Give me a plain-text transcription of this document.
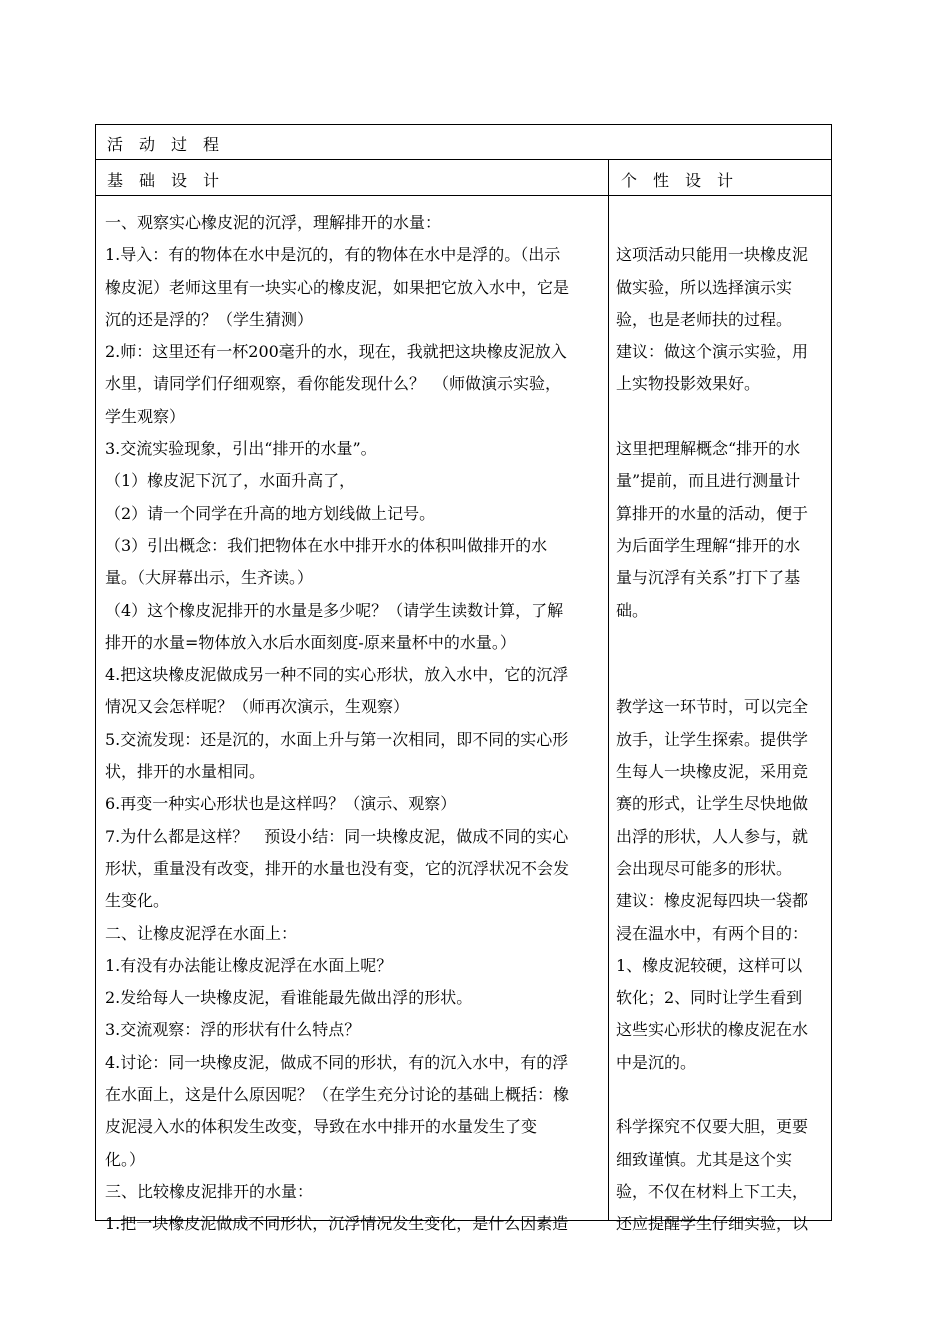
活　动　过　程
基　础　设　计	个　性　设　计
一、观察实心橡皮泥的沉浮，理解排开的水量：
1.导入：有的物体在水中是沉的，有的物体在水中是浮的。（出示
橡皮泥）老师这里有一块实心的橡皮泥，如果把它放入水中，它是
沉的还是浮的？（学生猜测）
2.师：这里还有一杯200毫升的水，现在，我就把这块橡皮泥放入
水里，请同学们仔细观察，看你能发现什么？　（师做演示实验，
学生观察）
3.交流实验现象，引出“排开的水量”。
（1）橡皮泥下沉了，水面升高了，
（2）请一个同学在升高的地方划线做上记号。
（3）引出概念：我们把物体在水中排开水的体积叫做排开的水
量。（大屏幕出示，生齐读。）
（4）这个橡皮泥排开的水量是多少呢？（请学生读数计算，了解
排开的水量=物体放入水后水面刻度-原来量杯中的水量。）
4.把这块橡皮泥做成另一种不同的实心形状，放入水中，它的沉浮
情况又会怎样呢？（师再次演示，生观察）
5.交流发现：还是沉的，水面上升与第一次相同，即不同的实心形
状，排开的水量相同。
6.再变一种实心形状也是这样吗？（演示、观察）
7.为什么都是这样？　预设小结：同一块橡皮泥，做成不同的实心
形状，重量没有改变，排开的水量也没有变，它的沉浮状况不会发
生变化。
二、让橡皮泥浮在水面上：
1.有没有办法能让橡皮泥浮在水面上呢？
2.发给每人一块橡皮泥，看谁能最先做出浮的形状。
3.交流观察：浮的形状有什么特点？
4.讨论：同一块橡皮泥，做成不同的形状，有的沉入水中，有的浮
在水面上，这是什么原因呢？（在学生充分讨论的基础上概括：橡
皮泥浸入水的体积发生改变，导致在水中排开的水量发生了变
化。）
三、比较橡皮泥排开的水量：
1.把一块橡皮泥做成不同形状，沉浮情况发生变化，是什么因素造
这项活动只能用一块橡皮泥
做实验，所以选择演示实
验，也是老师扶的过程。
建议：做这个演示实验，用
上实物投影效果好。
这里把理解概念“排开的水
量”提前，而且进行测量计
算排开的水量的活动，便于
为后面学生理解“排开的水
量与沉浮有关系”打下了基
础。
教学这一环节时，可以完全
放手，让学生探索。提供学
生每人一块橡皮泥，采用竞
赛的形式，让学生尽快地做
出浮的形状，人人参与，就
会出现尽可能多的形状。
建议：橡皮泥每四块一袋都
浸在温水中，有两个目的：
1、橡皮泥较硬，这样可以
软化；2、同时让学生看到
这些实心形状的橡皮泥在水
中是沉的。
科学探究不仅要大胆，更要
细致谨慎。尤其是这个实
验，不仅在材料上下工夫，
还应提醒学生仔细实验，以
